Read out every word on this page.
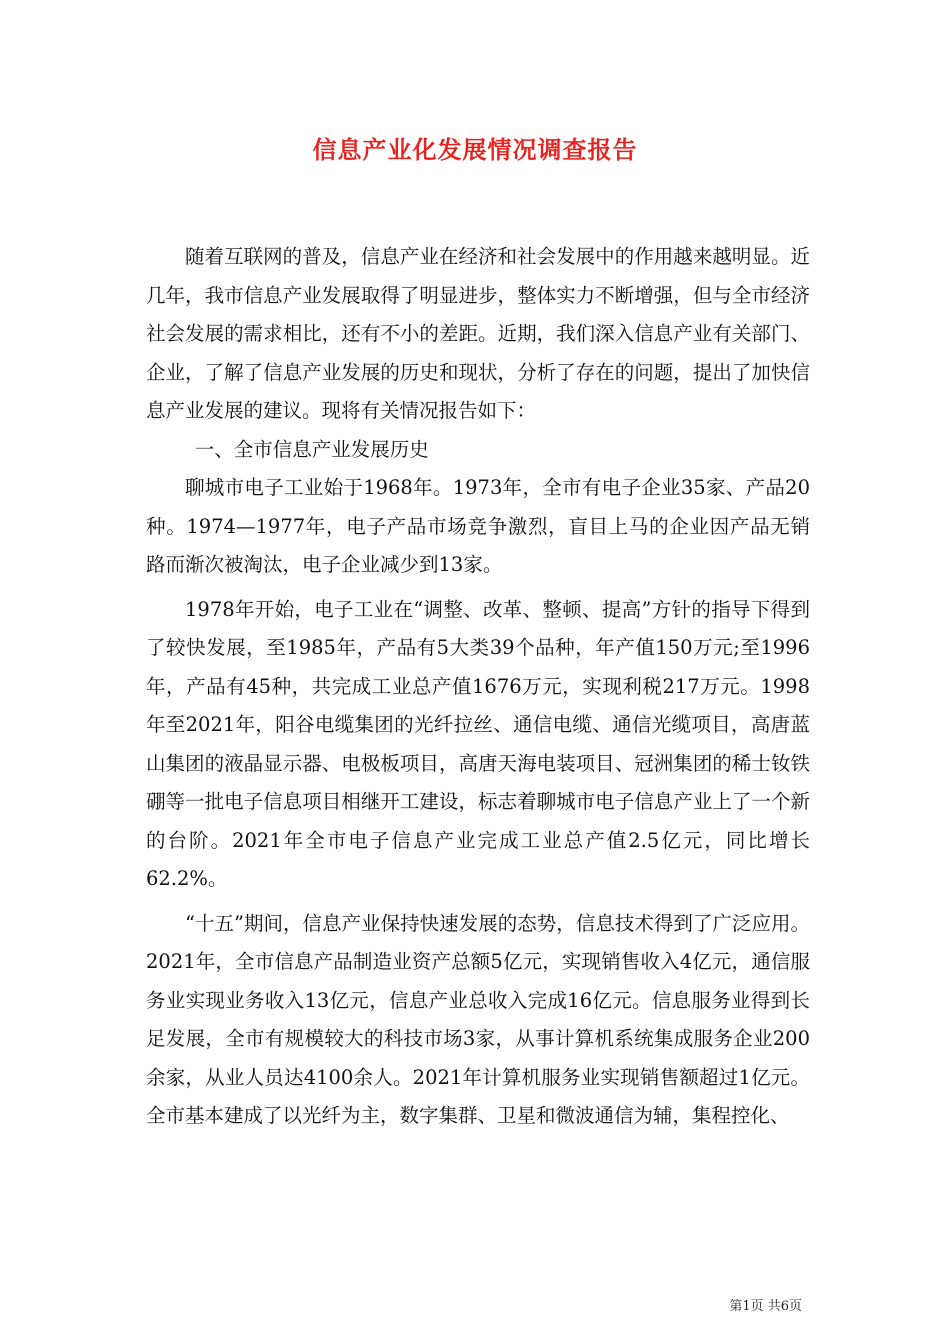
信息产业化发展情况调查报告

随着互联网的普及，信息产业在经济和社会发展中的作用越来越明显。近几年，我市信息产业发展取得了明显进步，整体实力不断增强，但与全市经济社会发展的需求相比，还有不小的差距。近期，我们深入信息产业有关部门、企业，了解了信息产业发展的历史和现状，分析了存在的问题，提出了加快信息产业发展的建议。现将有关情况报告如下：

一、全市信息产业发展历史

聊城市电子工业始于1968年。1973年，全市有电子企业35家、产品20种。1974—1977年，电子产品市场竞争激烈，盲目上马的企业因产品无销路而渐次被淘汰，电子企业减少到13家。

1978年开始，电子工业在“调整、改革、整顿、提高”方针的指导下得到了较快发展，至1985年，产品有5大类39个品种，年产值150万元;至1996年，产品有45种，共完成工业总产值1676万元，实现利税217万元。1998年至2021年，阳谷电缆集团的光纤拉丝、通信电缆、通信光缆项目，高唐蓝山集团的液晶显示器、电极板项目，高唐天海电装项目、冠洲集团的稀士钕铁硼等一批电子信息项目相继开工建设，标志着聊城市电子信息产业上了一个新的台阶。2021年全市电子信息产业完成工业总产值2.5亿元，同比增长62.2%。

“十五”期间，信息产业保持快速发展的态势，信息技术得到了广泛应用。2021年，全市信息产品制造业资产总额5亿元，实现销售收入4亿元，通信服务业实现业务收入13亿元，信息产业总收入完成16亿元。信息服务业得到长足发展，全市有规模较大的科技市场3家，从事计算机系统集成服务企业200余家，从业人员达4100余人。2021年计算机服务业实现销售额超过1亿元。全市基本建成了以光纤为主，数字集群、卫星和微波通信为辅，集程控化、

第1页 共6页
